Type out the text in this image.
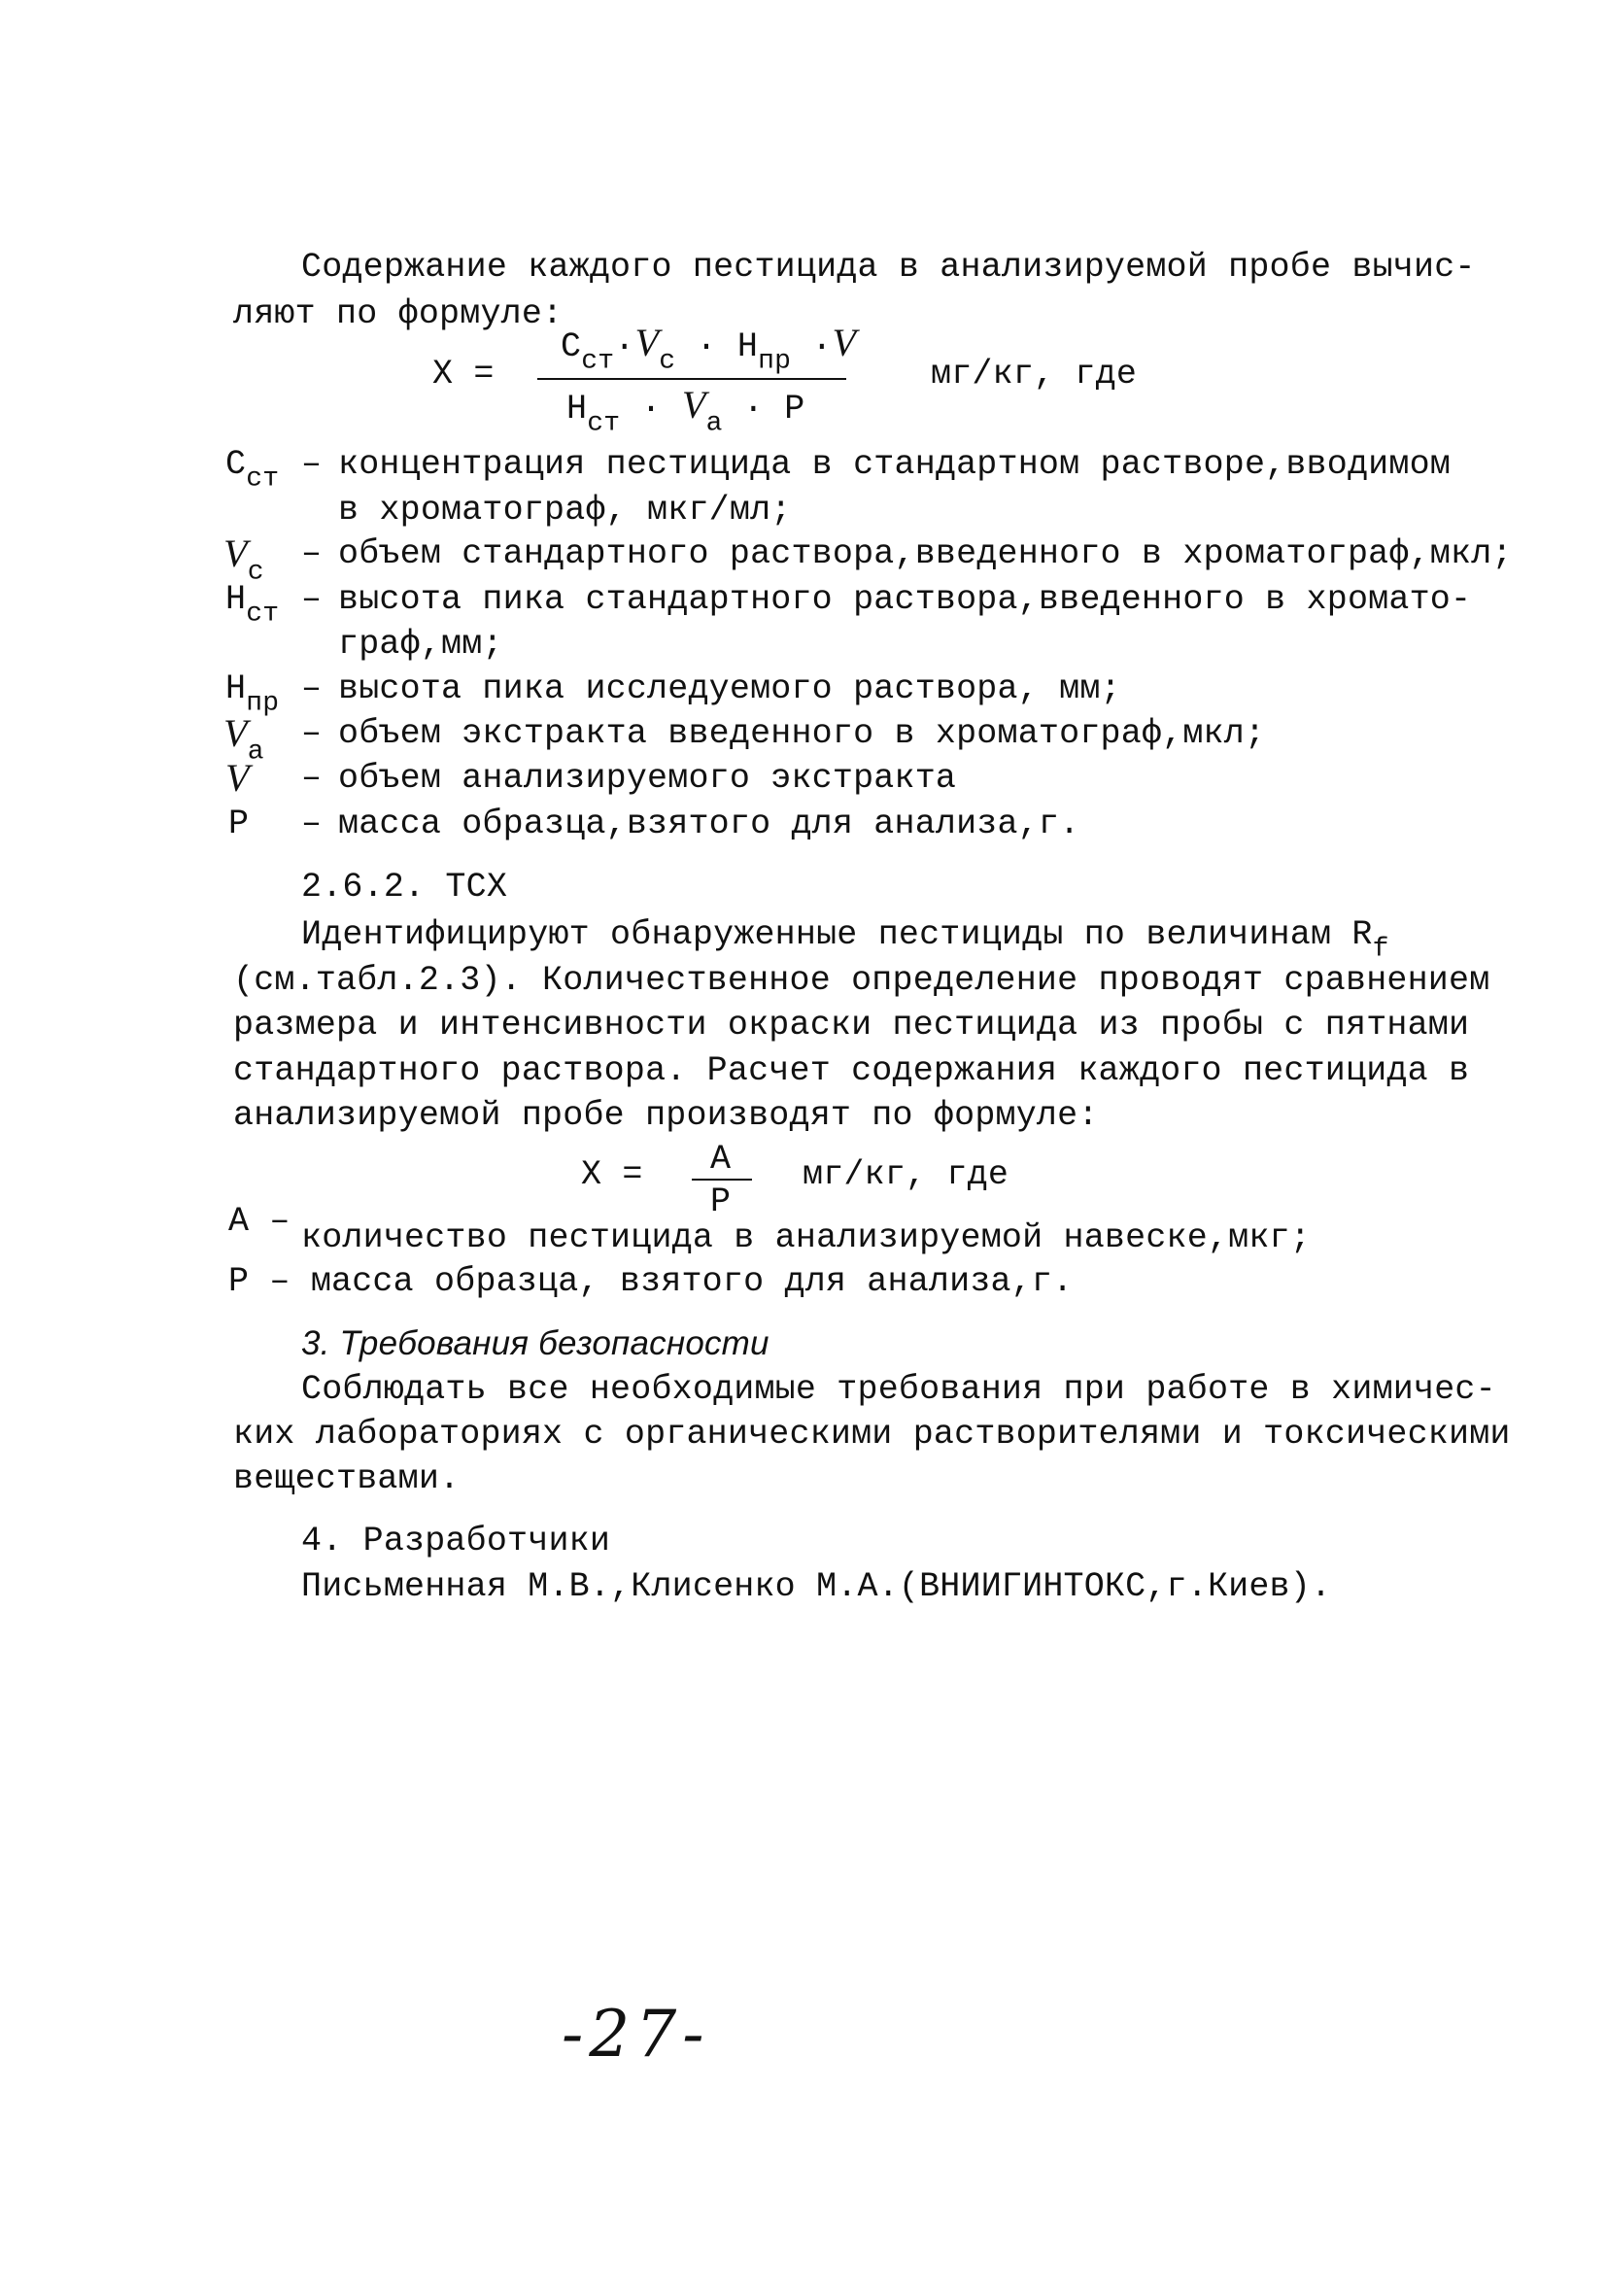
Содержание каждого пестицида в анализируемой пробе вычис-
ляют по формуле:
Х =
$С_{ст}\cdot V_с \cdot Н_{пр} \cdot V$
$Н_{ст} \cdot V_а \cdot Р$
мг/кг, где
$С_{ст}$ – концентрация пестицида в стандартном растворе,вводимом
в хроматограф, мкг/мл;
$V_с$ – объем стандартного раствора,введенного в хроматограф,мкл;
$Н_{ст}$ – высота пика стандартного раствора,введенного в хромато-
граф,мм;
$Н_{пр}$ – высота пика исследуемого раствора, мм;
$V_а$ – объем экстракта введенного в хроматограф,мкл;
V – объем анализируемого экстракта
Р – масса образца,взятого для анализа,г.
2.6.2. ТСХ
Идентифицируют обнаруженные пестициды по величинам $R_f$
(см.табл.2.3). Количественное определение проводят сравнением
размера и интенсивности окраски пестицида из пробы с пятнами
стандартного раствора. Расчет содержания каждого пестицида в
анализируемой пробе производят по формуле:
Х = А
Р
мг/кг, где
А – количество пестицида в анализируемой навеске,мкг;
Р – масса образца, взятого для анализа,г.
3. Требования безопасности
Соблюдать все необходимые требования при работе в химичес-
ких лабораториях с органическими растворителями и токсическими
веществами.
4. Разработчики
Письменная М.В.,Клисенко М.А.(ВНИИГИНТОКС,г.Киев).
-27-
